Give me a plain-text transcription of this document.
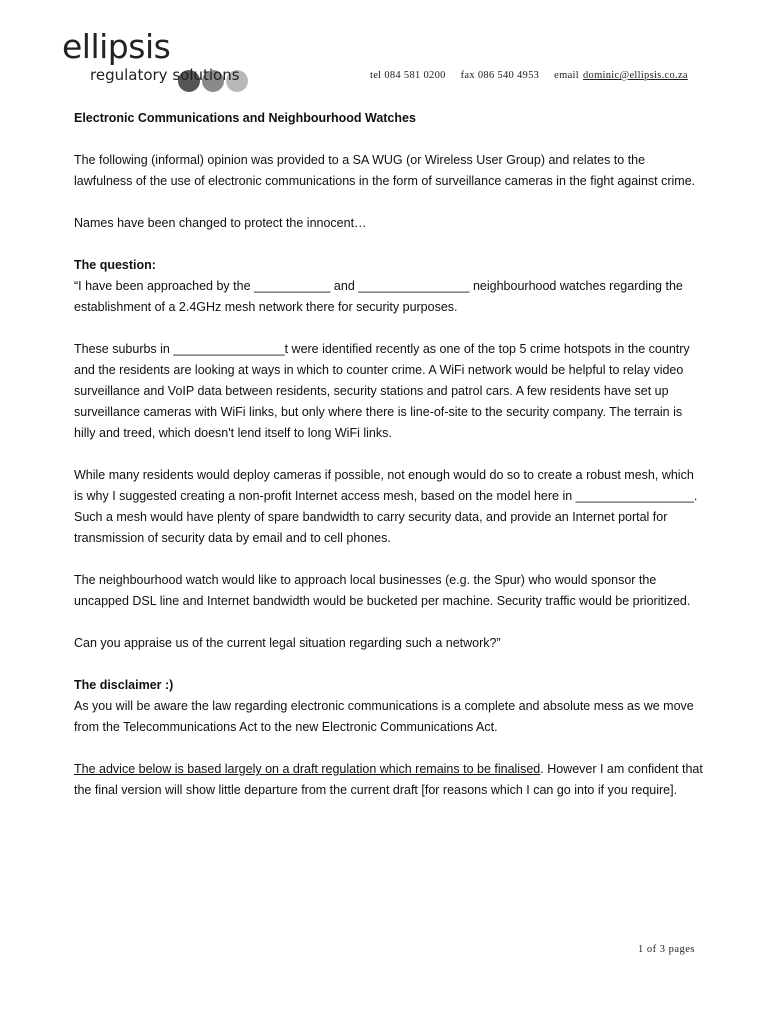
ellipsis
regulatory solutions	tel 084 581 0200 fax 086 540 4953 email dominic@ellipsis.co.za

Electronic Communications and Neighbourhood Watches

The following (informal) opinion was provided to a SA WUG (or Wireless User Group) and relates to the lawfulness of the use of electronic communications in the form of surveillance cameras in the fight against crime.

Names have been changed to protect the innocent…

The question:

“I have been approached by the ___________ and ________________ neighbourhood watches regarding the establishment of a 2.4GHz mesh network there for security purposes.

These suburbs in ________________t were identified recently as one of the top 5 crime hotspots in the country and the residents are looking at ways in which to counter crime. A WiFi network would be helpful to relay video surveillance and VoIP data between residents, security stations and patrol cars. A few residents have set up surveillance cameras with WiFi links, but only where there is line-of-site to the security company. The terrain is hilly and treed, which doesn't lend itself to long WiFi links.

While many residents would deploy cameras if possible, not enough would do so to create a robust mesh, which is why I suggested creating a non-profit Internet access mesh, based on the model here in _________________. Such a mesh would have plenty of spare bandwidth to carry security data, and provide an Internet portal for transmission of security data by email and to cell phones.

The neighbourhood watch would like to approach local businesses (e.g. the Spur) who would sponsor the uncapped DSL line and Internet bandwidth would be bucketed per machine. Security traffic would be prioritized.

Can you appraise us of the current legal situation regarding such a network?”

The disclaimer :)

As you will be aware the law regarding electronic communications is a complete and absolute mess as we move from the Telecommunications Act to the new Electronic Communications Act.

The advice below is based largely on a draft regulation which remains to be finalised. However I am confident that the final version will show little departure from the current draft [for reasons which I can go into if you require].

1 of 3 pages
